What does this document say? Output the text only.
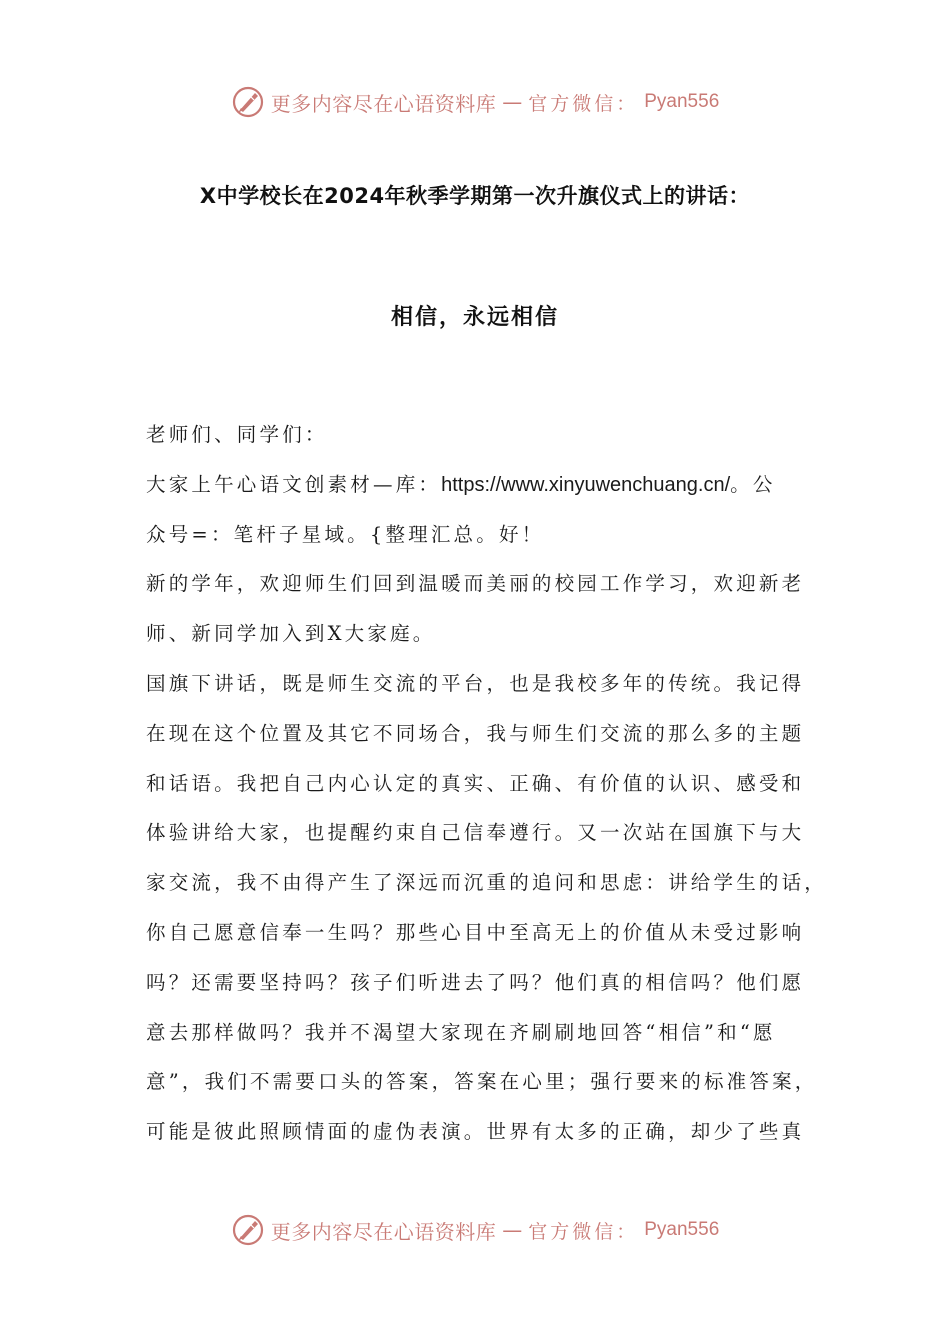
更多内容尽在心语资料库 — 官方微信： Pyan556
X中学校长在2024年秋季学期第一次升旗仪式上的讲话：
相信，永远相信
老师们、同学们：
大家上午心语文创素材—库：https://www.xinyuwenchuang.cn/。公
众号=：笔杆子星域。{整理汇总。好！
新的学年，欢迎师生们回到温暖而美丽的校园工作学习，欢迎新老
师、新同学加入到X大家庭。
国旗下讲话，既是师生交流的平台，也是我校多年的传统。我记得
在现在这个位置及其它不同场合，我与师生们交流的那么多的主题
和话语。我把自己内心认定的真实、正确、有价值的认识、感受和
体验讲给大家，也提醒约束自己信奉遵行。又一次站在国旗下与大
家交流，我不由得产生了深远而沉重的追问和思虑：讲给学生的话，
你自己愿意信奉一生吗？那些心目中至高无上的价值从未受过影响
吗？还需要坚持吗？孩子们听进去了吗？他们真的相信吗？他们愿
意去那样做吗？我并不渴望大家现在齐刷刷地回答“相信”和“愿
意”，我们不需要口头的答案，答案在心里；强行要来的标准答案，
可能是彼此照顾情面的虚伪表演。世界有太多的正确，却少了些真
更多内容尽在心语资料库 — 官方微信： Pyan556
